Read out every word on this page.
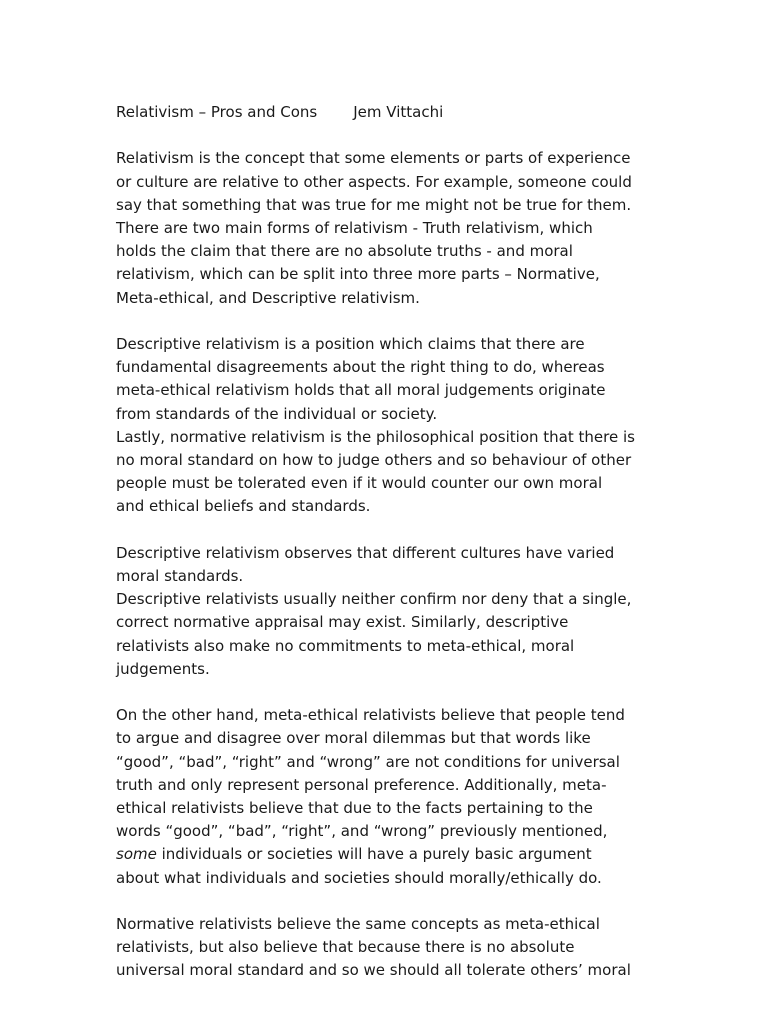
Relativism – Pros and Cons Jem Vittachi
Relativism is the concept that some elements or parts of experience
or culture are relative to other aspects. For example, someone could
say that something that was true for me might not be true for them.
There are two main forms of relativism - Truth relativism, which
holds the claim that there are no absolute truths - and moral
relativism, which can be split into three more parts – Normative,
Meta-ethical, and Descriptive relativism.
Descriptive relativism is a position which claims that there are
fundamental disagreements about the right thing to do, whereas
meta-ethical relativism holds that all moral judgements originate
from standards of the individual or society.
Lastly, normative relativism is the philosophical position that there is
no moral standard on how to judge others and so behaviour of other
people must be tolerated even if it would counter our own moral
and ethical beliefs and standards.
Descriptive relativism observes that different cultures have varied
moral standards.
Descriptive relativists usually neither confirm nor deny that a single,
correct normative appraisal may exist. Similarly, descriptive
relativists also make no commitments to meta-ethical, moral
judgements.
On the other hand, meta-ethical relativists believe that people tend
to argue and disagree over moral dilemmas but that words like
“good”, “bad”, “right” and “wrong” are not conditions for universal
truth and only represent personal preference. Additionally, meta-
ethical relativists believe that due to the facts pertaining to the
words “good”, “bad”, “right”, and “wrong” previously mentioned,
some individuals or societies will have a purely basic argument
about what individuals and societies should morally/ethically do.
Normative relativists believe the same concepts as meta-ethical
relativists, but also believe that because there is no absolute
universal moral standard and so we should all tolerate others’ moral
